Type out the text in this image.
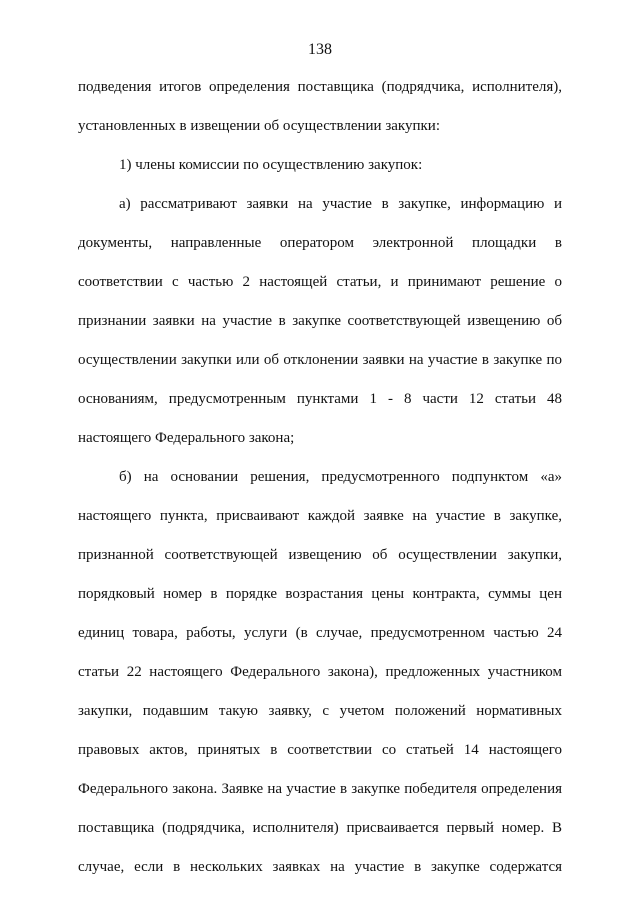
138
подведения итогов определения поставщика (подрядчика, исполнителя),
установленных в извещении об осуществлении закупки:
1) члены комиссии по осуществлению закупок:
а) рассматривают заявки на участие в закупке, информацию и
документы, направленные оператором электронной площадки в
соответствии с частью 2 настоящей статьи, и принимают решение о
признании заявки на участие в закупке соответствующей извещению об
осуществлении закупки или об отклонении заявки на участие в закупке по
основаниям, предусмотренным пунктами 1 - 8 части 12 статьи 48
настоящего Федерального закона;
б) на основании решения, предусмотренного подпунктом «а»
настоящего пункта, присваивают каждой заявке на участие в закупке,
признанной соответствующей извещению об осуществлении закупки,
порядковый номер в порядке возрастания цены контракта, суммы цен
единиц товара, работы, услуги (в случае, предусмотренном частью 24
статьи 22 настоящего Федерального закона), предложенных участником
закупки, подавшим такую заявку, с учетом положений нормативных
правовых актов, принятых в соответствии со статьей 14 настоящего
Федерального закона. Заявке на участие в закупке победителя определения
поставщика (подрядчика, исполнителя) присваивается первый номер. В
случае, если в нескольких заявках на участие в закупке содержатся
